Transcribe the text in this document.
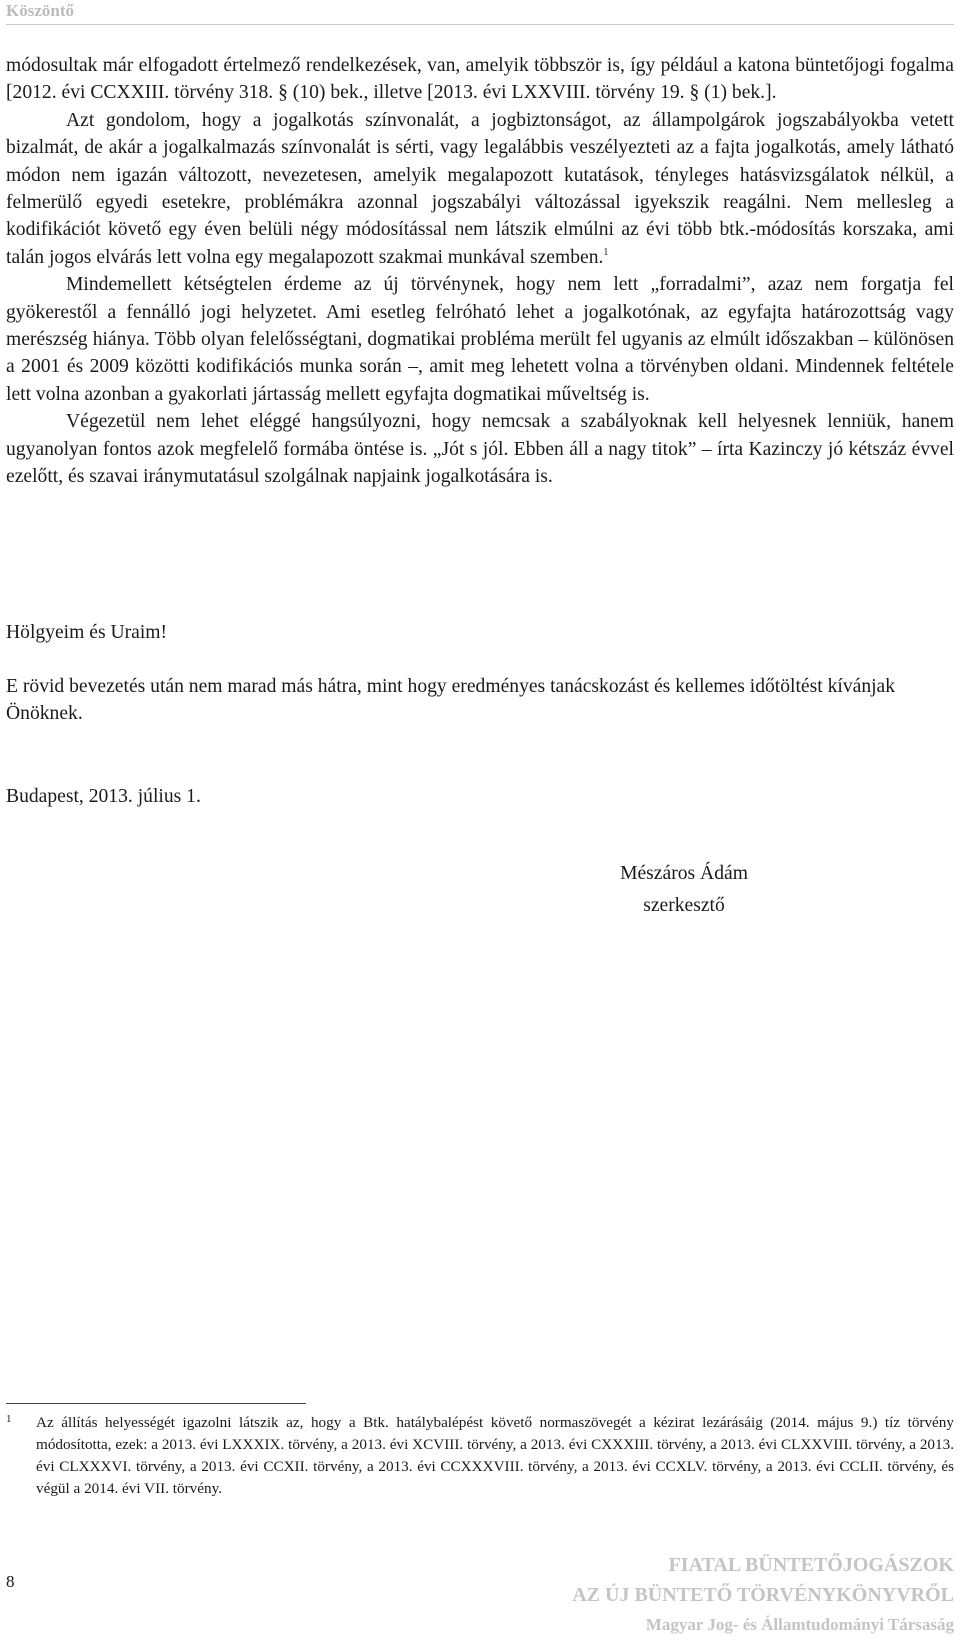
Köszöntő

módosultak már elfogadott értelmező rendelkezések, van, amelyik többször is, így például a katona büntetőjogi fogalma [2012. évi CCXXIII. törvény 318. § (10) bek., illetve [2013. évi LXXVIII. törvény 19. § (1) bek.].

Azt gondolom, hogy a jogalkotás színvonalát, a jogbiztonságot, az állampolgárok jogszabályokba vetett bizalmát, de akár a jogalkalmazás színvonalát is sérti, vagy legalábbis veszélyezteti az a fajta jogalkotás, amely látható módon nem igazán változott, nevezetesen, amelyik megalapozott kutatások, tényleges hatásvizsgálatok nélkül, a felmerülő egyedi esetekre, problémákra azonnal jogszabályi változással igyekszik reagálni. Nem mellesleg a kodifikációt követő egy éven belüli négy módosítással nem látszik elmúlni az évi több btk.-módosítás korszaka, ami talán jogos elvárás lett volna egy megalapozott szakmai munkával szemben.$^1$

Mindemellett kétségtelen érdeme az új törvénynek, hogy nem lett „forradalmi”, azaz nem forgatja fel gyökerestől a fennálló jogi helyzetet. Ami esetleg felróható lehet a jogalkotónak, az egyfajta határozottság vagy merészség hiánya. Több olyan felelősségtani, dogmatikai probléma merült fel ugyanis az elmúlt időszakban – különösen a 2001 és 2009 közötti kodifikációs munka során –, amit meg lehetett volna a törvényben oldani. Mindennek feltétele lett volna azonban a gyakorlati jártasság mellett egyfajta dogmatikai műveltség is.

Végezetül nem lehet eléggé hangsúlyozni, hogy nemcsak a szabályoknak kell helyesnek lenniük, hanem ugyanolyan fontos azok megfelelő formába öntése is. „Jót s jól. Ebben áll a nagy titok” – írta Kazinczy jó kétszáz évvel ezelőtt, és szavai iránymutatásul szolgálnak napjaink jogalkotására is.

Hölgyeim és Uraim!

E rövid bevezetés után nem marad más hátra, mint hogy eredményes tanácskozást és kellemes időtöltést kívánjak Önöknek.

Budapest, 2013. július 1.

Mészáros Ádám
szerkesztő
1 Az állítás helyességét igazolni látszik az, hogy a Btk. hatálybalépést követő normaszövegét a kézirat lezárásáig (2014. május 9.) tíz törvény módosította, ezek: a 2013. évi LXXXIX. törvény, a 2013. évi XCVIII. törvény, a 2013. évi CXXXIII. törvény, a 2013. évi CLXXVIII. törvény, a 2013. évi CLXXXVI. törvény, a 2013. évi CCXII. törvény, a 2013. évi CCXXXVIII. törvény, a 2013. évi CCXLV. törvény, a 2013. évi CCLII. törvény, és végül a 2014. évi VII. törvény.
8
FIATAL BÜNTETŐJOGÁSZOK
AZ ÚJ BÜNTETŐ TÖRVÉNYKÖNYVRŐL
Magyar Jog- és Államtudományi Társaság
